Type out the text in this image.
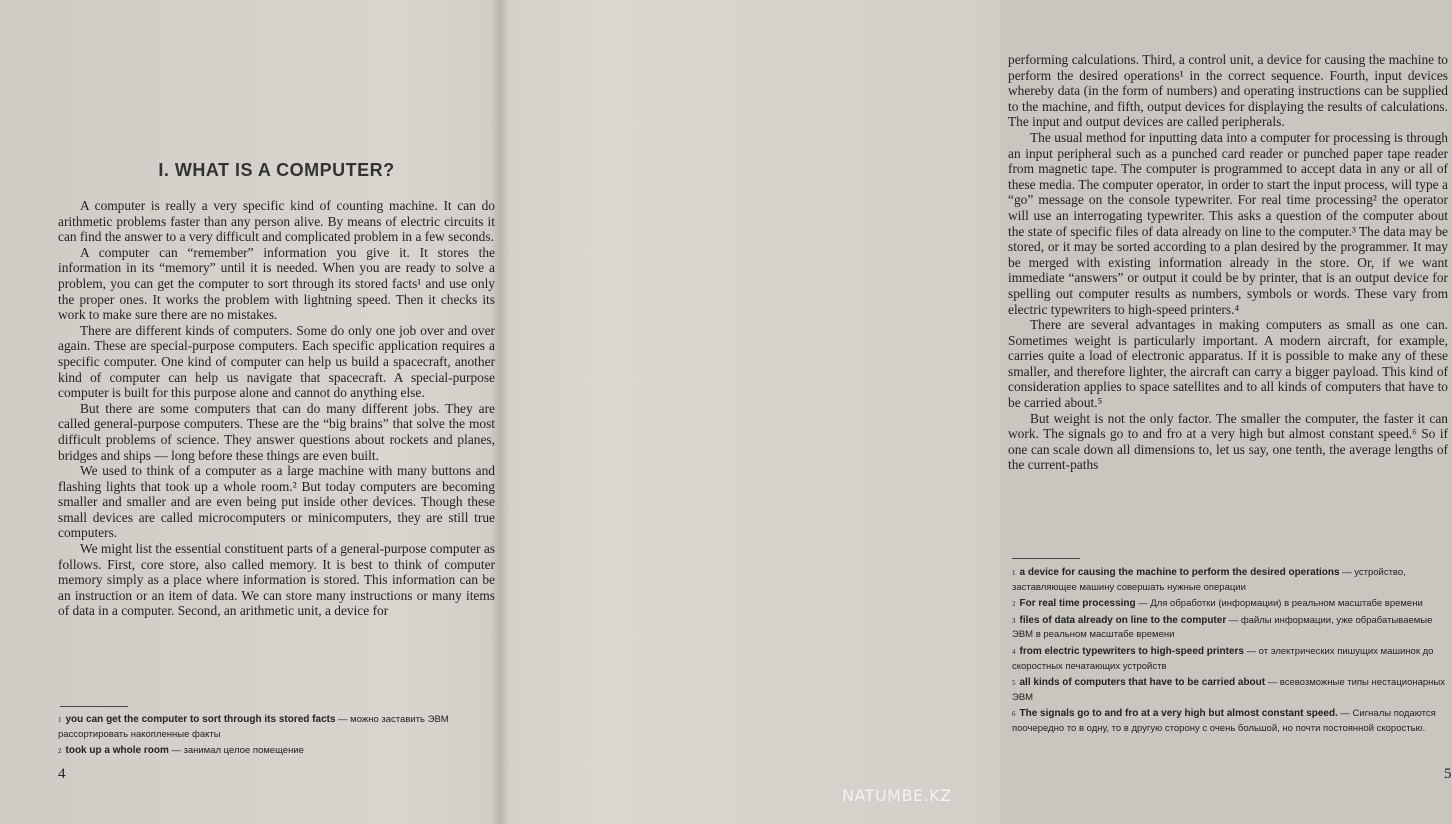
I. WHAT IS A COMPUTER?

A computer is really a very specific kind of counting machine. It can do arithmetic problems faster than any person alive. By means of electric circuits it can find the answer to a very difficult and complicated problem in a few seconds.

A computer can “remember” information you give it. It stores the information in its “memory” until it is needed. When you are ready to solve a problem, you can get the computer to sort through its stored facts¹ and use only the proper ones. It works the problem with lightning speed. Then it checks its work to make sure there are no mistakes.

There are different kinds of computers. Some do only one job over and over again. These are special-purpose computers. Each specific application requires a specific computer. One kind of computer can help us build a spacecraft, another kind of computer can help us navigate that spacecraft. A special-purpose computer is built for this purpose alone and cannot do anything else.

But there are some computers that can do many different jobs. They are called general-purpose computers. These are the “big brains” that solve the most difficult problems of science. They answer questions about rockets and planes, bridges and ships — long before these things are even built.

We used to think of a computer as a large machine with many buttons and flashing lights that took up a whole room.² But today computers are becoming smaller and smaller and are even being put inside other devices. Though these small devices are called microcomputers or minicomputers, they are still true computers.

We might list the essential constituent parts of a general-purpose computer as follows. First, core store, also called memory. It is best to think of computer memory simply as a place where information is stored. This information can be an instruction or an item of data. We can store many instructions or many items of data in a computer. Second, an arithmetic unit, a device for

$^1$ you can get the computer to sort through its stored facts — можно заставить ЭВМ рассортировать накопленные факты
$^2$ took up a whole room — занимал целое помещение
4

performing calculations. Third, a control unit, a device for causing the machine to perform the desired operations¹ in the correct sequence. Fourth, input devices whereby data (in the form of numbers) and operating instructions can be supplied to the machine, and fifth, output devices for displaying the results of calculations. The input and output devices are called peripherals.

The usual method for inputting data into a computer for processing is through an input peripheral such as a punched card reader or punched paper tape reader from magnetic tape. The computer is programmed to accept data in any or all of these media. The computer operator, in order to start the input process, will type a “go” message on the console typewriter. For real time processing² the operator will use an interrogating typewriter. This asks a question of the computer about the state of specific files of data already on line to the computer.³ The data may be stored, or it may be sorted according to a plan desired by the programmer. It may be merged with existing information already in the store. Or, if we want immediate “answers” or output it could be by printer, that is an output device for spelling out computer results as numbers, symbols or words. These vary from electric typewriters to high-speed printers.⁴

There are several advantages in making computers as small as one can. Sometimes weight is particularly important. A modern aircraft, for example, carries quite a load of electronic apparatus. If it is possible to make any of these smaller, and therefore lighter, the aircraft can carry a bigger payload. This kind of consideration applies to space satellites and to all kinds of computers that have to be carried about.⁵

But weight is not the only factor. The smaller the computer, the faster it can work. The signals go to and fro at a very high but almost constant speed.⁶ So if one can scale down all dimensions to, let us say, one tenth, the average lengths of the current-paths

$^1$ a device for causing the machine to perform the desired operations — устройство, заставляющее машину совершать нужные операции
$^2$ For real time processing — Для обработки (информации) в реальном масштабе времени
$^3$ files of data already on line to the computer — файлы информации, уже обрабатываемые ЭВМ в реальном масштабе времени
$^4$ from electric typewriters to high-speed printers — от электрических пишущих машинок до скоростных печатающих устройств
$^5$ all kinds of computers that have to be carried about — всевозможные типы нестационарных ЭВМ
$^6$ The signals go to and fro at a very high but almost constant speed. — Сигналы подаются поочередно то в одну, то в другую сторону с очень большой, но почти постоянной скоростью.
5
NATUMBE.KZ
